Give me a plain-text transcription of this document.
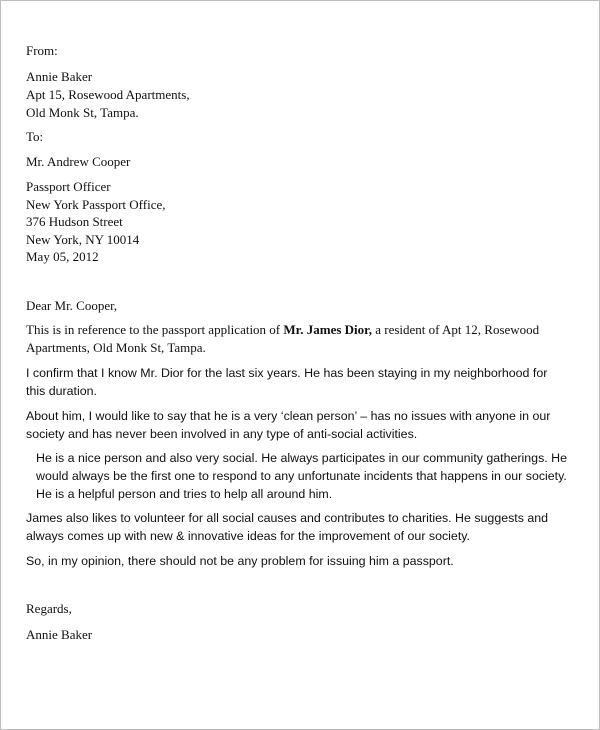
From:

Annie Baker

Apt 15, Rosewood Apartments,

Old Monk St, Tampa.

To:

Mr. Andrew Cooper

Passport Officer

New York Passport Office,

376 Hudson Street

New York, NY 10014

May 05, 2012

Dear Mr. Cooper,

This is in reference to the passport application of Mr. James Dior, a resident of Apt 12, Rosewood

Apartments, Old Monk St, Tampa.

I confirm that I know Mr. Dior for the last six years. He has been staying in my neighborhood for

this duration.

About him, I would like to say that he is a very ‘clean person’ – has no issues with anyone in our

society and has never been involved in any type of anti-social activities.

He is a nice person and also very social. He always participates in our community gatherings. He

would always be the first one to respond to any unfortunate incidents that happens in our society.

He is a helpful person and tries to help all around him.

James also likes to volunteer for all social causes and contributes to charities. He suggests and

always comes up with new & innovative ideas for the improvement of our society.

So, in my opinion, there should not be any problem for issuing him a passport.

Regards,

Annie Baker
